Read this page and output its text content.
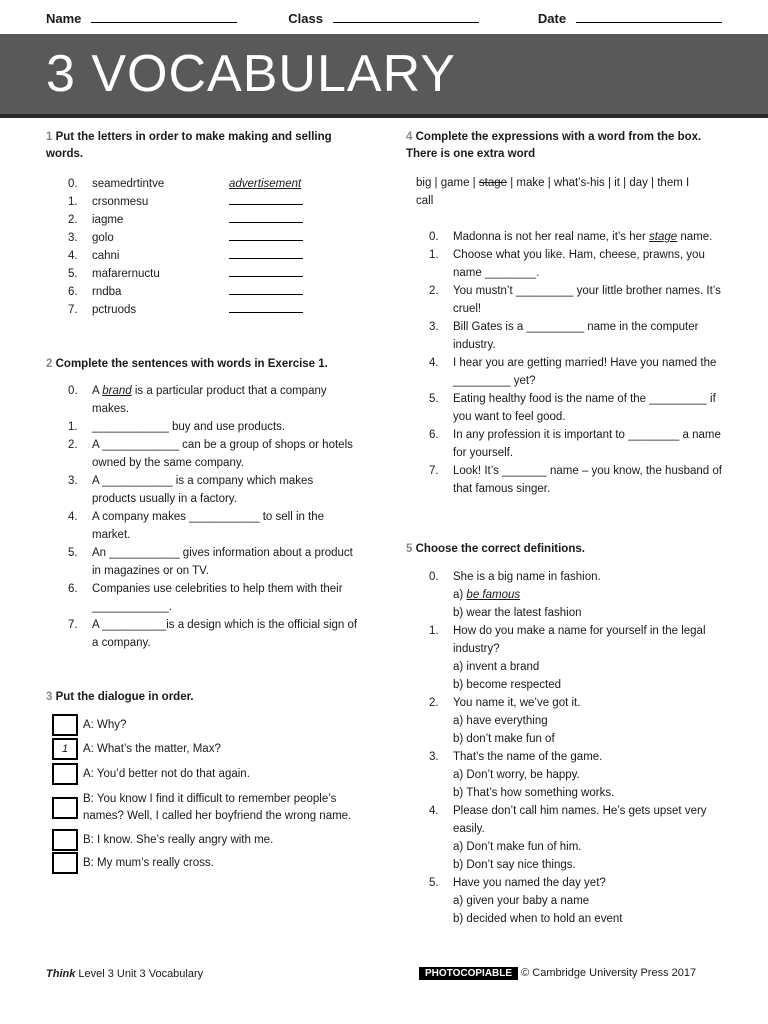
Name	Class	Date
3 VOCABULARY
1 Put the letters in order to make making and selling words.
0. seamedrtintve	advertisement
1. crsonmesu
2. iagme
3. golo
4. cahni
5. mafarernuctu
6. rndba
7. pctruods
2 Complete the sentences with words in Exercise 1.
0.	A brand is a particular product that a company makes.
1.	____________ buy and use products.
2.	A ____________ can be a group of shops or hotels owned by the same company.
3.	A ___________ is a company which makes products usually in a factory.
4.	A company makes ___________ to sell in the market.
5.	An ___________ gives information about a product in magazines or on TV.
6.	Companies use celebrities to help them with their ____________.
7.	A __________is a design which is the official sign of a company.
3 Put the dialogue in order.
A: Why?
1	A: What’s the matter, Max?
A: You’d better not do that again.
B: You know I find it difficult to remember people’s names? Well, I called her boyfriend the wrong name.
B: I know. She’s really angry with me.
B: My mum’s really cross.
4 Complete the expressions with a word from the box. There is one extra word
big | game | stage | make | what’s-his | it | day | them I call
0.	Madonna is not her real name, it’s her stage name.
1.	Choose what you like. Ham, cheese, prawns, you name ________.
2.	You mustn’t _________ your little brother names. It’s cruel!
3.	Bill Gates is a _________ name in the computer industry.
4.	I hear you are getting married! Have you named the _________ yet?
5.	Eating healthy food is the name of the _________ if you want to feel good.
6.	In any profession it is important to ________ a name for yourself.
7.	Look! It’s _______ name – you know, the husband of that famous singer.
5 Choose the correct definitions.
0.	She is a big name in fashion.
a) be famous
b) wear the latest fashion
1.	How do you make a name for yourself in the legal industry?
a) invent a brand
b) become respected
2.	You name it, we’ve got it.
a) have everything
b) don’t make fun of
3.	That’s the name of the game.
a) Don’t worry, be happy.
b) That’s how something works.
4.	Please don’t call him names. He’s gets upset very easily.
a) Don’t make fun of him.
b) Don’t say nice things.
5.	Have you named the day yet?
a) given your baby a name
b) decided when to hold an event
Think Level 3 Unit 3 Vocabulary	PHOTOCOPIABLE © Cambridge University Press 2017
